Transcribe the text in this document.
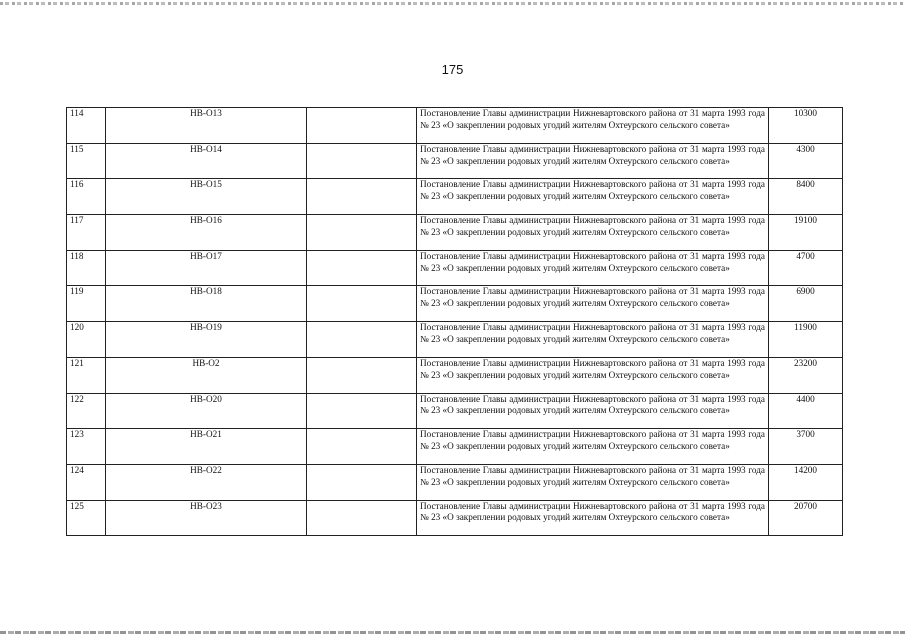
175
114	НВ-О13		Постановление Главы администрации Нижневартовского района от 31 марта 1993 года № 23 «О закреплении родовых угодий жителям Охтеурского сельского совета»	10300
115	НВ-О14		Постановление Главы администрации Нижневартовского района от 31 марта 1993 года № 23 «О закреплении родовых угодий жителям Охтеурского сельского совета»	4300
116	НВ-О15		Постановление Главы администрации Нижневартовского района от 31 марта 1993 года № 23 «О закреплении родовых угодий жителям Охтеурского сельского совета»	8400
117	НВ-О16		Постановление Главы администрации Нижневартовского района от 31 марта 1993 года № 23 «О закреплении родовых угодий жителям Охтеурского сельского совета»	19100
118	НВ-О17		Постановление Главы администрации Нижневартовского района от 31 марта 1993 года № 23 «О закреплении родовых угодий жителям Охтеурского сельского совета»	4700
119	НВ-О18		Постановление Главы администрации Нижневартовского района от 31 марта 1993 года № 23 «О закреплении родовых угодий жителям Охтеурского сельского совета»	6900
120	НВ-О19		Постановление Главы администрации Нижневартовского района от 31 марта 1993 года № 23 «О закреплении родовых угодий жителям Охтеурского сельского совета»	11900
121	НВ-О2		Постановление Главы администрации Нижневартовского района от 31 марта 1993 года № 23 «О закреплении родовых угодий жителям Охтеурского сельского совета»	23200
122	НВ-О20		Постановление Главы администрации Нижневартовского района от 31 марта 1993 года № 23 «О закреплении родовых угодий жителям Охтеурского сельского совета»	4400
123	НВ-О21		Постановление Главы администрации Нижневартовского района от 31 марта 1993 года № 23 «О закреплении родовых угодий жителям Охтеурского сельского совета»	3700
124	НВ-О22		Постановление Главы администрации Нижневартовского района от 31 марта 1993 года № 23 «О закреплении родовых угодий жителям Охтеурского сельского совета»	14200
125	НВ-О23		Постановление Главы администрации Нижневартовского района от 31 марта 1993 года № 23 «О закреплении родовых угодий жителям Охтеурского сельского совета»	20700
